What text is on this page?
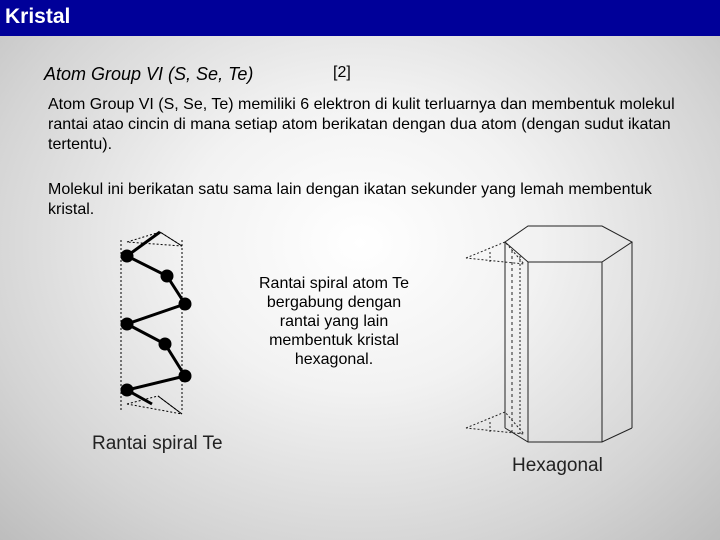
Kristal
Atom Group VI (S, Se, Te)	[2]
Atom Group VI (S, Se, Te) memiliki 6 elektron di kulit terluarnya dan membentuk molekul rantai atao cincin di mana setiap atom berikatan dengan dua atom (dengan sudut ikatan tertentu).
Molekul ini berikatan satu sama lain dengan ikatan sekunder yang lemah membentuk kristal.
Rantai spiral atom Te bergabung dengan rantai yang lain membentuk kristal hexagonal.
Rantai spiral Te
Hexagonal
